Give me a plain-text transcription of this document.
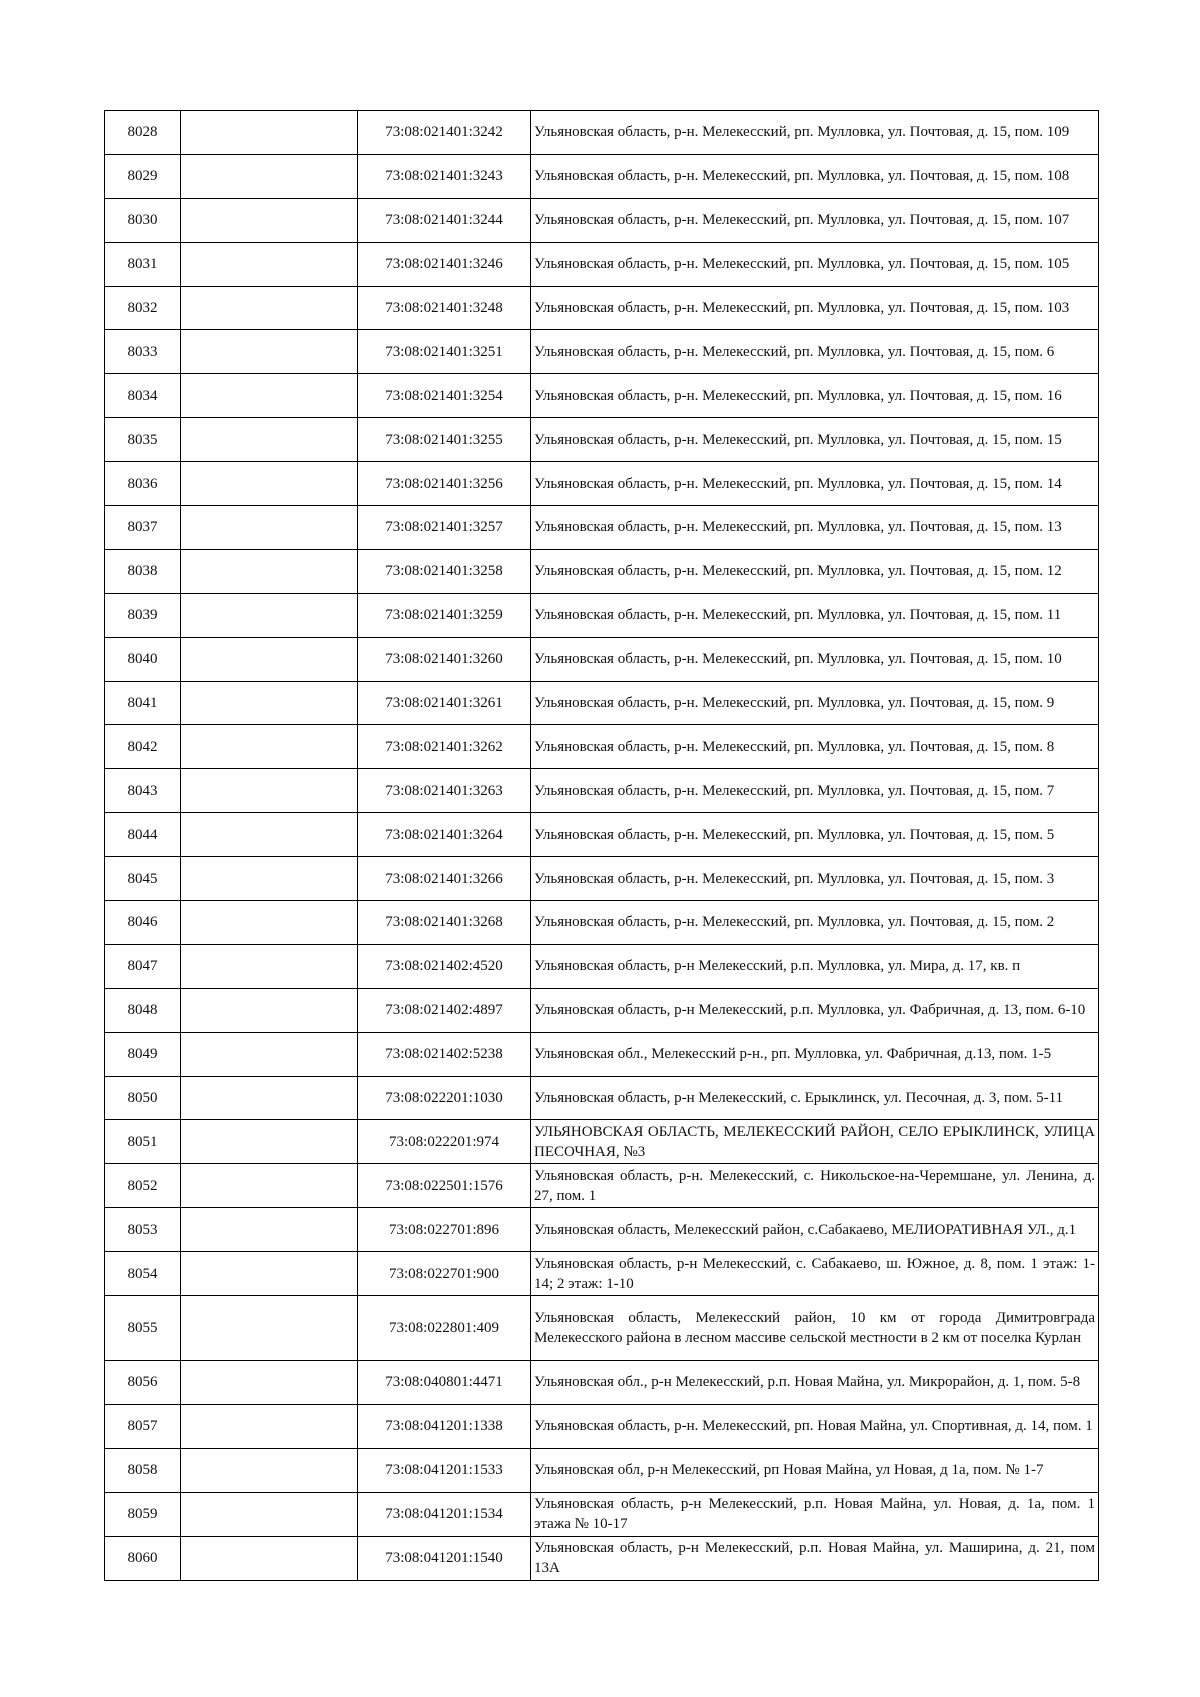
8028		73:08:021401:3242	Ульяновская область, р-н. Мелекесский, рп. Мулловка, ул. Почтовая, д. 15, пом. 109
8029		73:08:021401:3243	Ульяновская область, р-н. Мелекесский, рп. Мулловка, ул. Почтовая, д. 15, пом. 108
8030		73:08:021401:3244	Ульяновская область, р-н. Мелекесский, рп. Мулловка, ул. Почтовая, д. 15, пом. 107
8031		73:08:021401:3246	Ульяновская область, р-н. Мелекесский, рп. Мулловка, ул. Почтовая, д. 15, пом. 105
8032		73:08:021401:3248	Ульяновская область, р-н. Мелекесский, рп. Мулловка, ул. Почтовая, д. 15, пом. 103
8033		73:08:021401:3251	Ульяновская область, р-н. Мелекесский, рп. Мулловка, ул. Почтовая, д. 15, пом. 6
8034		73:08:021401:3254	Ульяновская область, р-н. Мелекесский, рп. Мулловка, ул. Почтовая, д. 15, пом. 16
8035		73:08:021401:3255	Ульяновская область, р-н. Мелекесский, рп. Мулловка, ул. Почтовая, д. 15, пом. 15
8036		73:08:021401:3256	Ульяновская область, р-н. Мелекесский, рп. Мулловка, ул. Почтовая, д. 15, пом. 14
8037		73:08:021401:3257	Ульяновская область, р-н. Мелекесский, рп. Мулловка, ул. Почтовая, д. 15, пом. 13
8038		73:08:021401:3258	Ульяновская область, р-н. Мелекесский, рп. Мулловка, ул. Почтовая, д. 15, пом. 12
8039		73:08:021401:3259	Ульяновская область, р-н. Мелекесский, рп. Мулловка, ул. Почтовая, д. 15, пом. 11
8040		73:08:021401:3260	Ульяновская область, р-н. Мелекесский, рп. Мулловка, ул. Почтовая, д. 15, пом. 10
8041		73:08:021401:3261	Ульяновская область, р-н. Мелекесский, рп. Мулловка, ул. Почтовая, д. 15, пом. 9
8042		73:08:021401:3262	Ульяновская область, р-н. Мелекесский, рп. Мулловка, ул. Почтовая, д. 15, пом. 8
8043		73:08:021401:3263	Ульяновская область, р-н. Мелекесский, рп. Мулловка, ул. Почтовая, д. 15, пом. 7
8044		73:08:021401:3264	Ульяновская область, р-н. Мелекесский, рп. Мулловка, ул. Почтовая, д. 15, пом. 5
8045		73:08:021401:3266	Ульяновская область, р-н. Мелекесский, рп. Мулловка, ул. Почтовая, д. 15, пом. 3
8046		73:08:021401:3268	Ульяновская область, р-н. Мелекесский, рп. Мулловка, ул. Почтовая, д. 15, пом. 2
8047		73:08:021402:4520	Ульяновская область, р-н Мелекесский, р.п. Мулловка, ул. Мира, д. 17, кв. п
8048		73:08:021402:4897	Ульяновская область, р-н Мелекесский, р.п. Мулловка, ул. Фабричная, д. 13, пом. 6-10
8049		73:08:021402:5238	Ульяновская обл., Мелекесский р-н., рп. Мулловка, ул. Фабричная, д.13, пом. 1-5
8050		73:08:022201:1030	Ульяновская область, р-н Мелекесский, с. Ерыклинск, ул. Песочная, д. 3, пом. 5-11
8051		73:08:022201:974	УЛЬЯНОВСКАЯ ОБЛАСТЬ, МЕЛЕКЕССКИЙ РАЙОН, СЕЛО ЕРЫКЛИНСК, УЛИЦА ПЕСОЧНАЯ, №3
8052		73:08:022501:1576	Ульяновская область, р-н. Мелекесский, с. Никольское-на-Черемшане, ул. Ленина, д. 27, пом. 1
8053		73:08:022701:896	Ульяновская область, Мелекесский район, с.Сабакаево, МЕЛИОРАТИВНАЯ УЛ., д.1
8054		73:08:022701:900	Ульяновская область, р-н Мелекесский, с. Сабакаево, ш. Южное, д. 8, пом. 1 этаж: 1-14; 2 этаж: 1-10
8055		73:08:022801:409	Ульяновская область, Мелекесский район, 10 км от города Димитровграда Мелекесского района в лесном массиве сельской местности в 2 км от поселка Курлан
8056		73:08:040801:4471	Ульяновская обл., р-н Мелекесский, р.п. Новая Майна, ул. Микрорайон, д. 1, пом. 5-8
8057		73:08:041201:1338	Ульяновская область, р-н. Мелекесский, рп. Новая Майна, ул. Спортивная, д. 14, пом. 1
8058		73:08:041201:1533	Ульяновская обл, р-н Мелекесский, рп Новая Майна, ул Новая, д 1а, пом. № 1-7
8059		73:08:041201:1534	Ульяновская область, р-н Мелекесский, р.п. Новая Майна, ул. Новая, д. 1а, пом. 1 этажа № 10-17
8060		73:08:041201:1540	Ульяновская область, р-н Мелекесский, р.п. Новая Майна, ул. Маширина, д. 21, пом 13А
